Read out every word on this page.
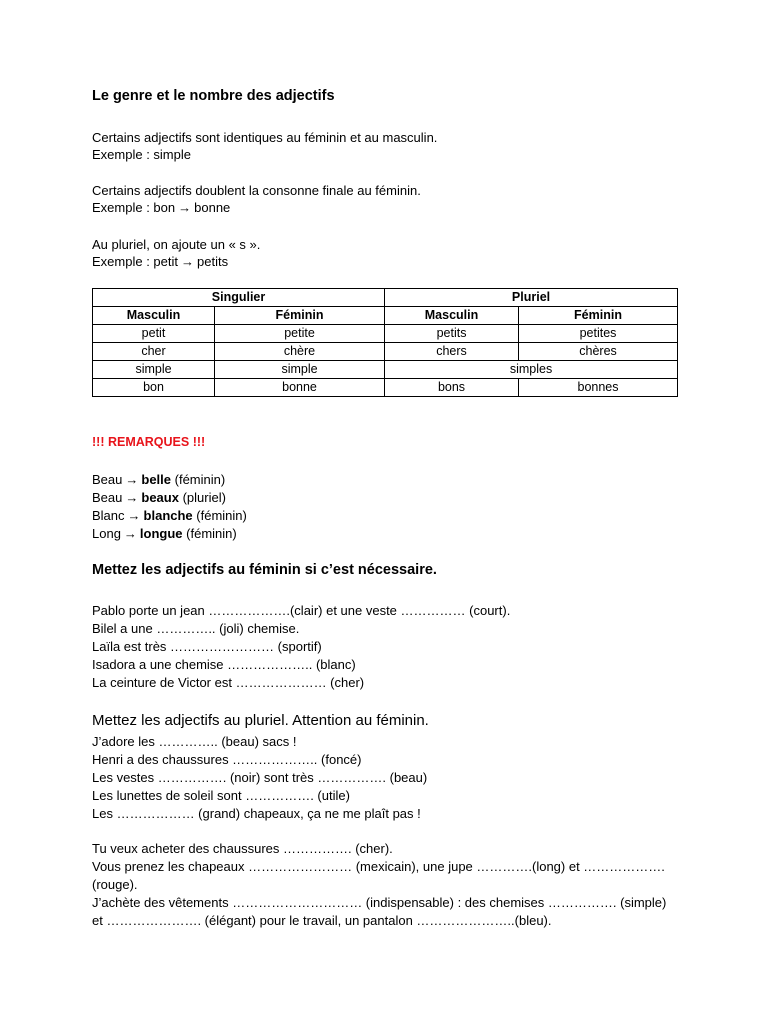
Le genre et le nombre des adjectifs
Certains adjectifs sont identiques au féminin et au masculin.
Exemple : simple
Certains adjectifs doublent la consonne finale au féminin.
Exemple : bon → bonne
Au pluriel, on ajoute un « s ».
Exemple : petit → petits
Singulier		Pluriel	
Masculin	Féminin	Masculin	Féminin
petit	petite	petits	petites
cher	chère	chers	chères
simple	simple	simples	
bon	bonne	bons	bonnes
!!! REMARQUES !!!
Beau → belle (féminin)
Beau → beaux (pluriel)
Blanc → blanche (féminin)
Long → longue (féminin)
Mettez les adjectifs au féminin si c’est nécessaire.
Pablo porte un jean ……………….(clair) et une veste …………… (court).
Bilel a une ………….. (joli) chemise.
Laïla est très …………………… (sportif)
Isadora a une chemise ……………….. (blanc)
La ceinture de Victor est ………………… (cher)
Mettez les adjectifs au pluriel. Attention au féminin.
J’adore les ………….. (beau) sacs !
Henri a des chaussures ……………….. (foncé)
Les vestes ……………. (noir) sont très ……………. (beau)
Les lunettes de soleil sont ……………. (utile)
Les ……………… (grand) chapeaux, ça ne me plaît pas !
Tu veux acheter des chaussures ……………. (cher).
Vous prenez les chapeaux …………………… (mexicain), une jupe ………….(long) et ……………….
(rouge).
J’achète des vêtements ………………………… (indispensable) : des chemises ……………. (simple)
et …………………. (élégant) pour le travail, un pantalon …………………..(bleu).
